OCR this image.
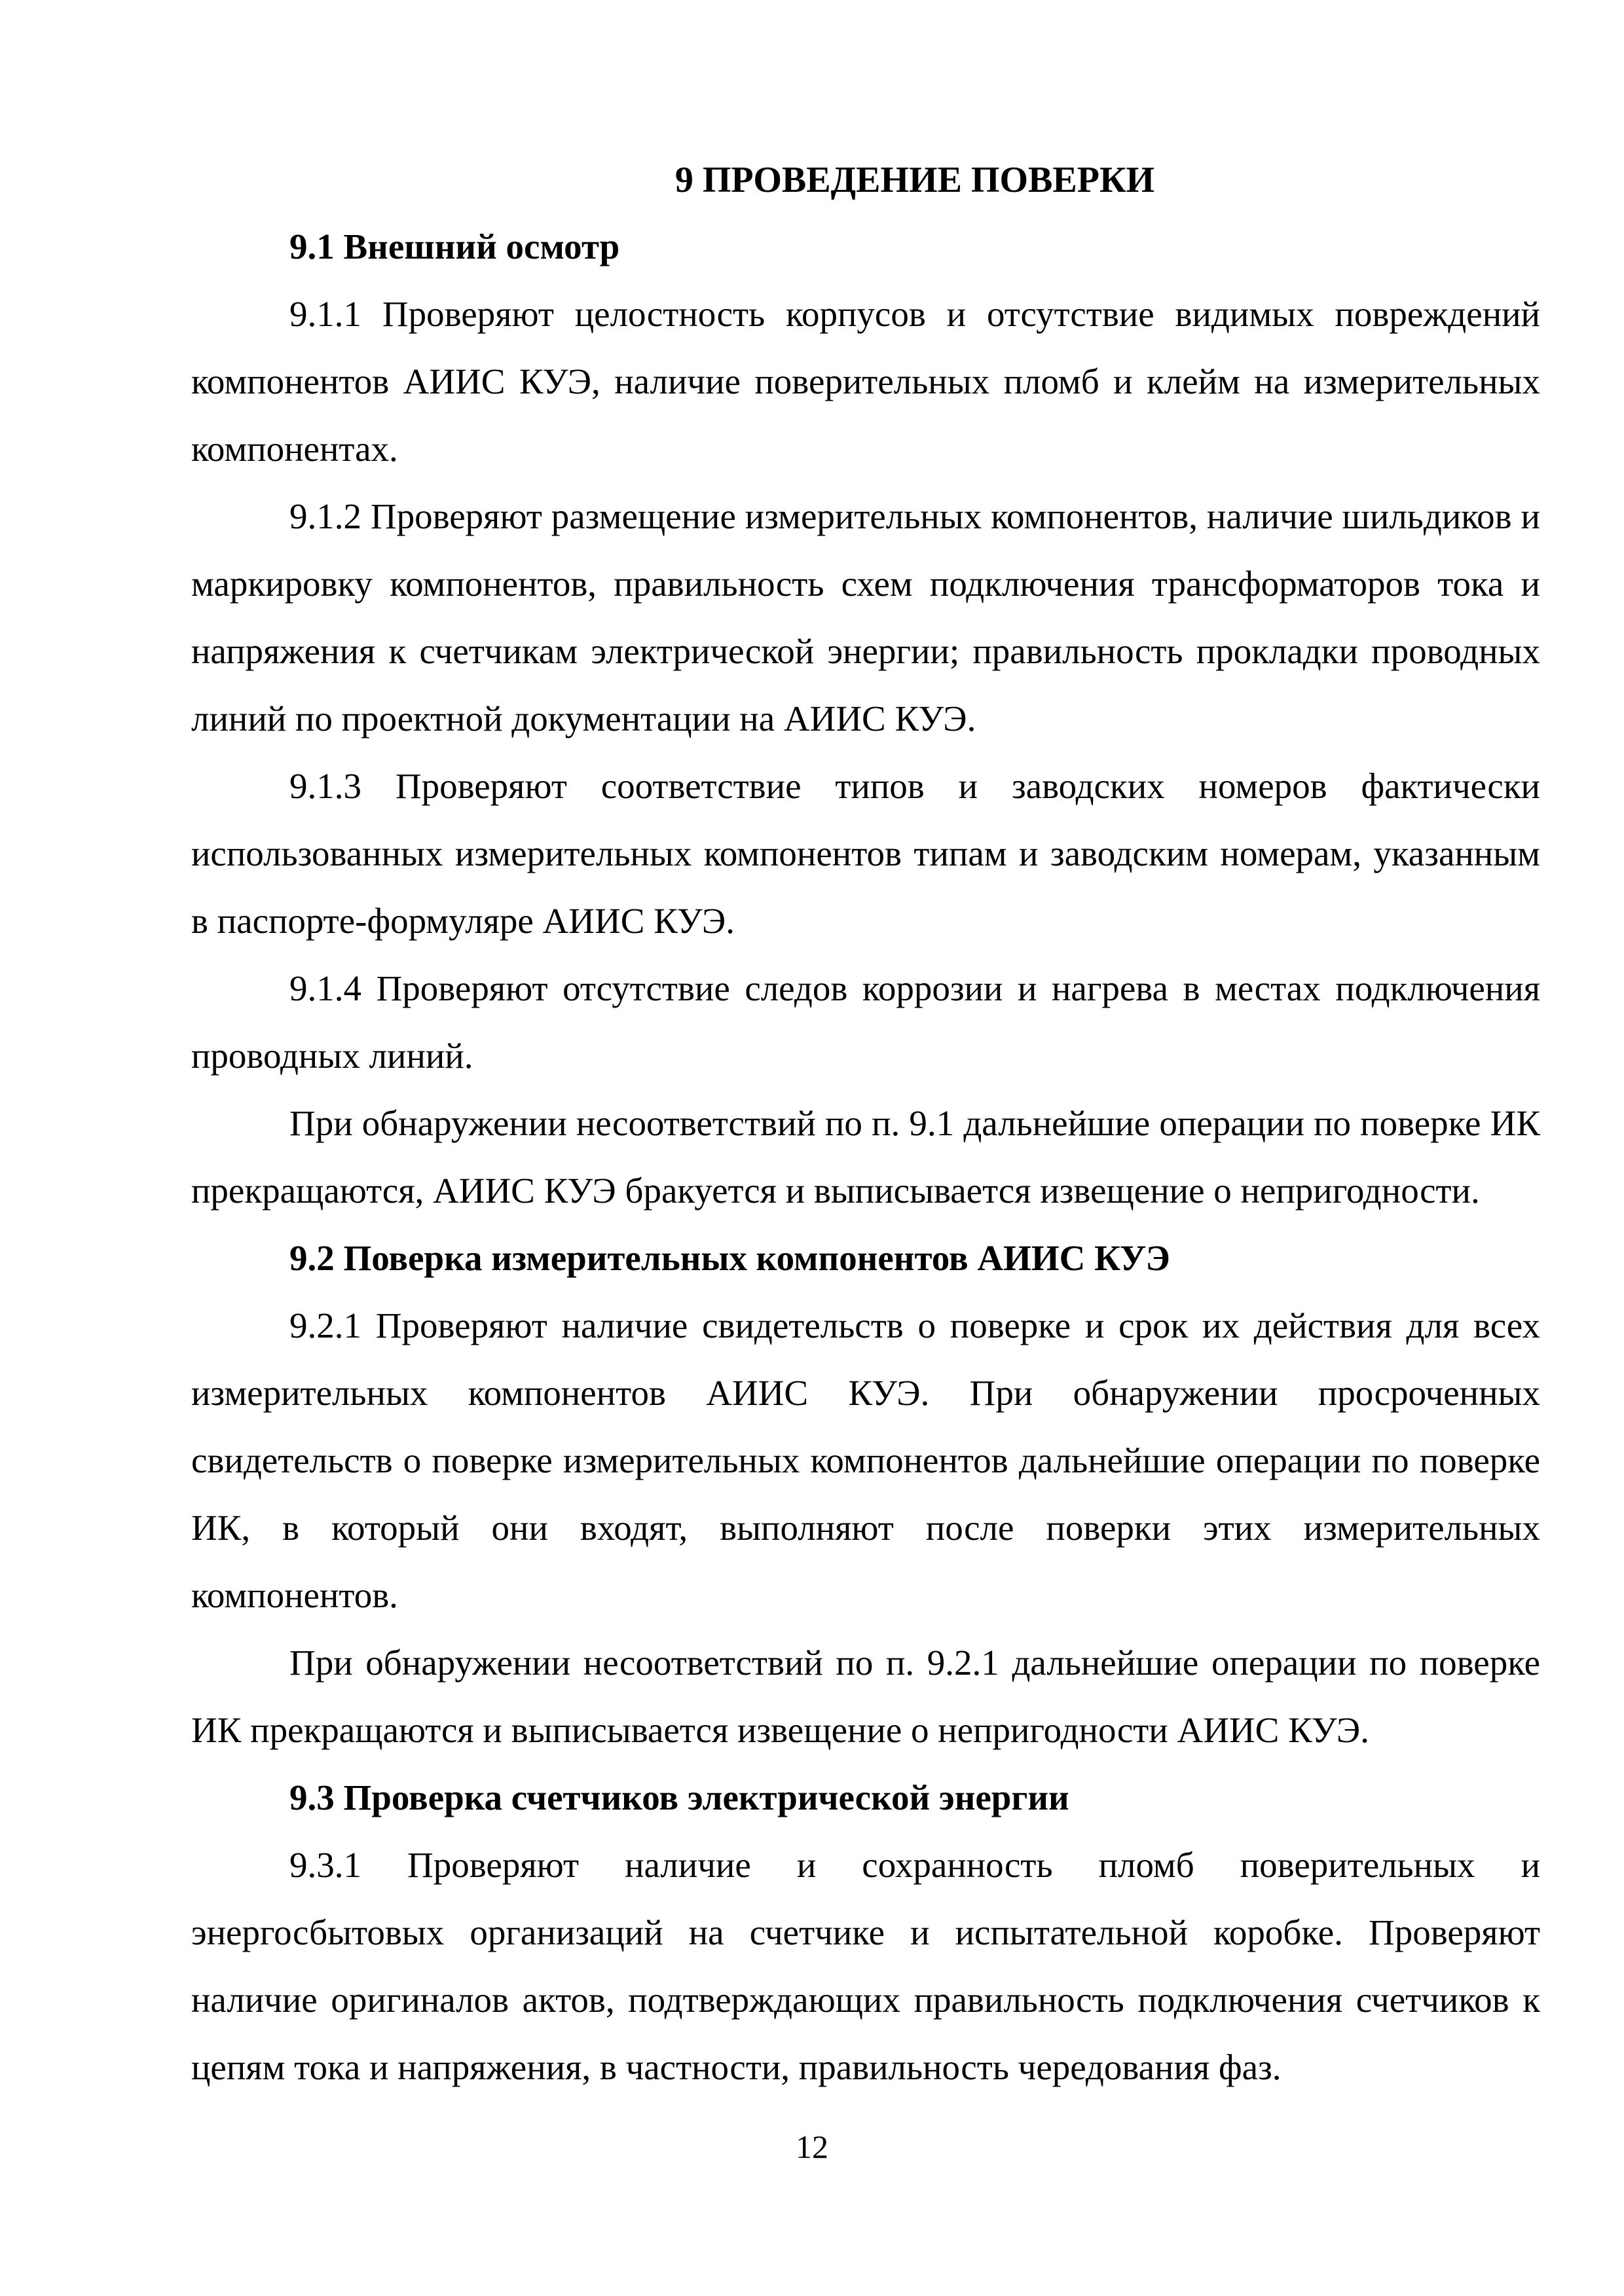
9 ПРОВЕДЕНИЕ ПОВЕРКИ
9.1 Внешний осмотр

9.1.1 Проверяют целостность корпусов и отсутствие видимых повреждений компонентов АИИС КУЭ, наличие поверительных пломб и клейм на измерительных компонентах.

9.1.2 Проверяют размещение измерительных компонентов, наличие шильдиков и маркировку компонентов, правильность схем подключения трансформаторов тока и напряжения к счетчикам электрической энергии; правильность прокладки проводных линий по проектной документации на АИИС КУЭ.

9.1.3 Проверяют соответствие типов и заводских номеров фактически использованных измерительных компонентов типам и заводским номерам, указанным в паспорте-формуляре АИИС КУЭ.

9.1.4 Проверяют отсутствие следов коррозии и нагрева в местах подключения проводных линий.

При обнаружении несоответствий по п. 9.1 дальнейшие операции по поверке ИК прекращаются, АИИС КУЭ бракуется и выписывается извещение о непригодности.

9.2 Поверка измерительных компонентов АИИС КУЭ

9.2.1 Проверяют наличие свидетельств о поверке и срок их действия для всех измерительных компонентов АИИС КУЭ. При обнаружении просроченных свидетельств о поверке измерительных компонентов дальнейшие операции по поверке ИК, в который они входят, выполняют после поверки этих измерительных компонентов.

При обнаружении несоответствий по п. 9.2.1 дальнейшие операции по поверке ИК прекращаются и выписывается извещение о непригодности АИИС КУЭ.

9.3 Проверка счетчиков электрической энергии

9.3.1 Проверяют наличие и сохранность пломб поверительных и энергосбытовых организаций на счетчике и испытательной коробке. Проверяют наличие оригиналов актов, подтверждающих правильность подключения счетчиков к цепям тока и напряжения, в частности, правильность чередования фаз.

12
